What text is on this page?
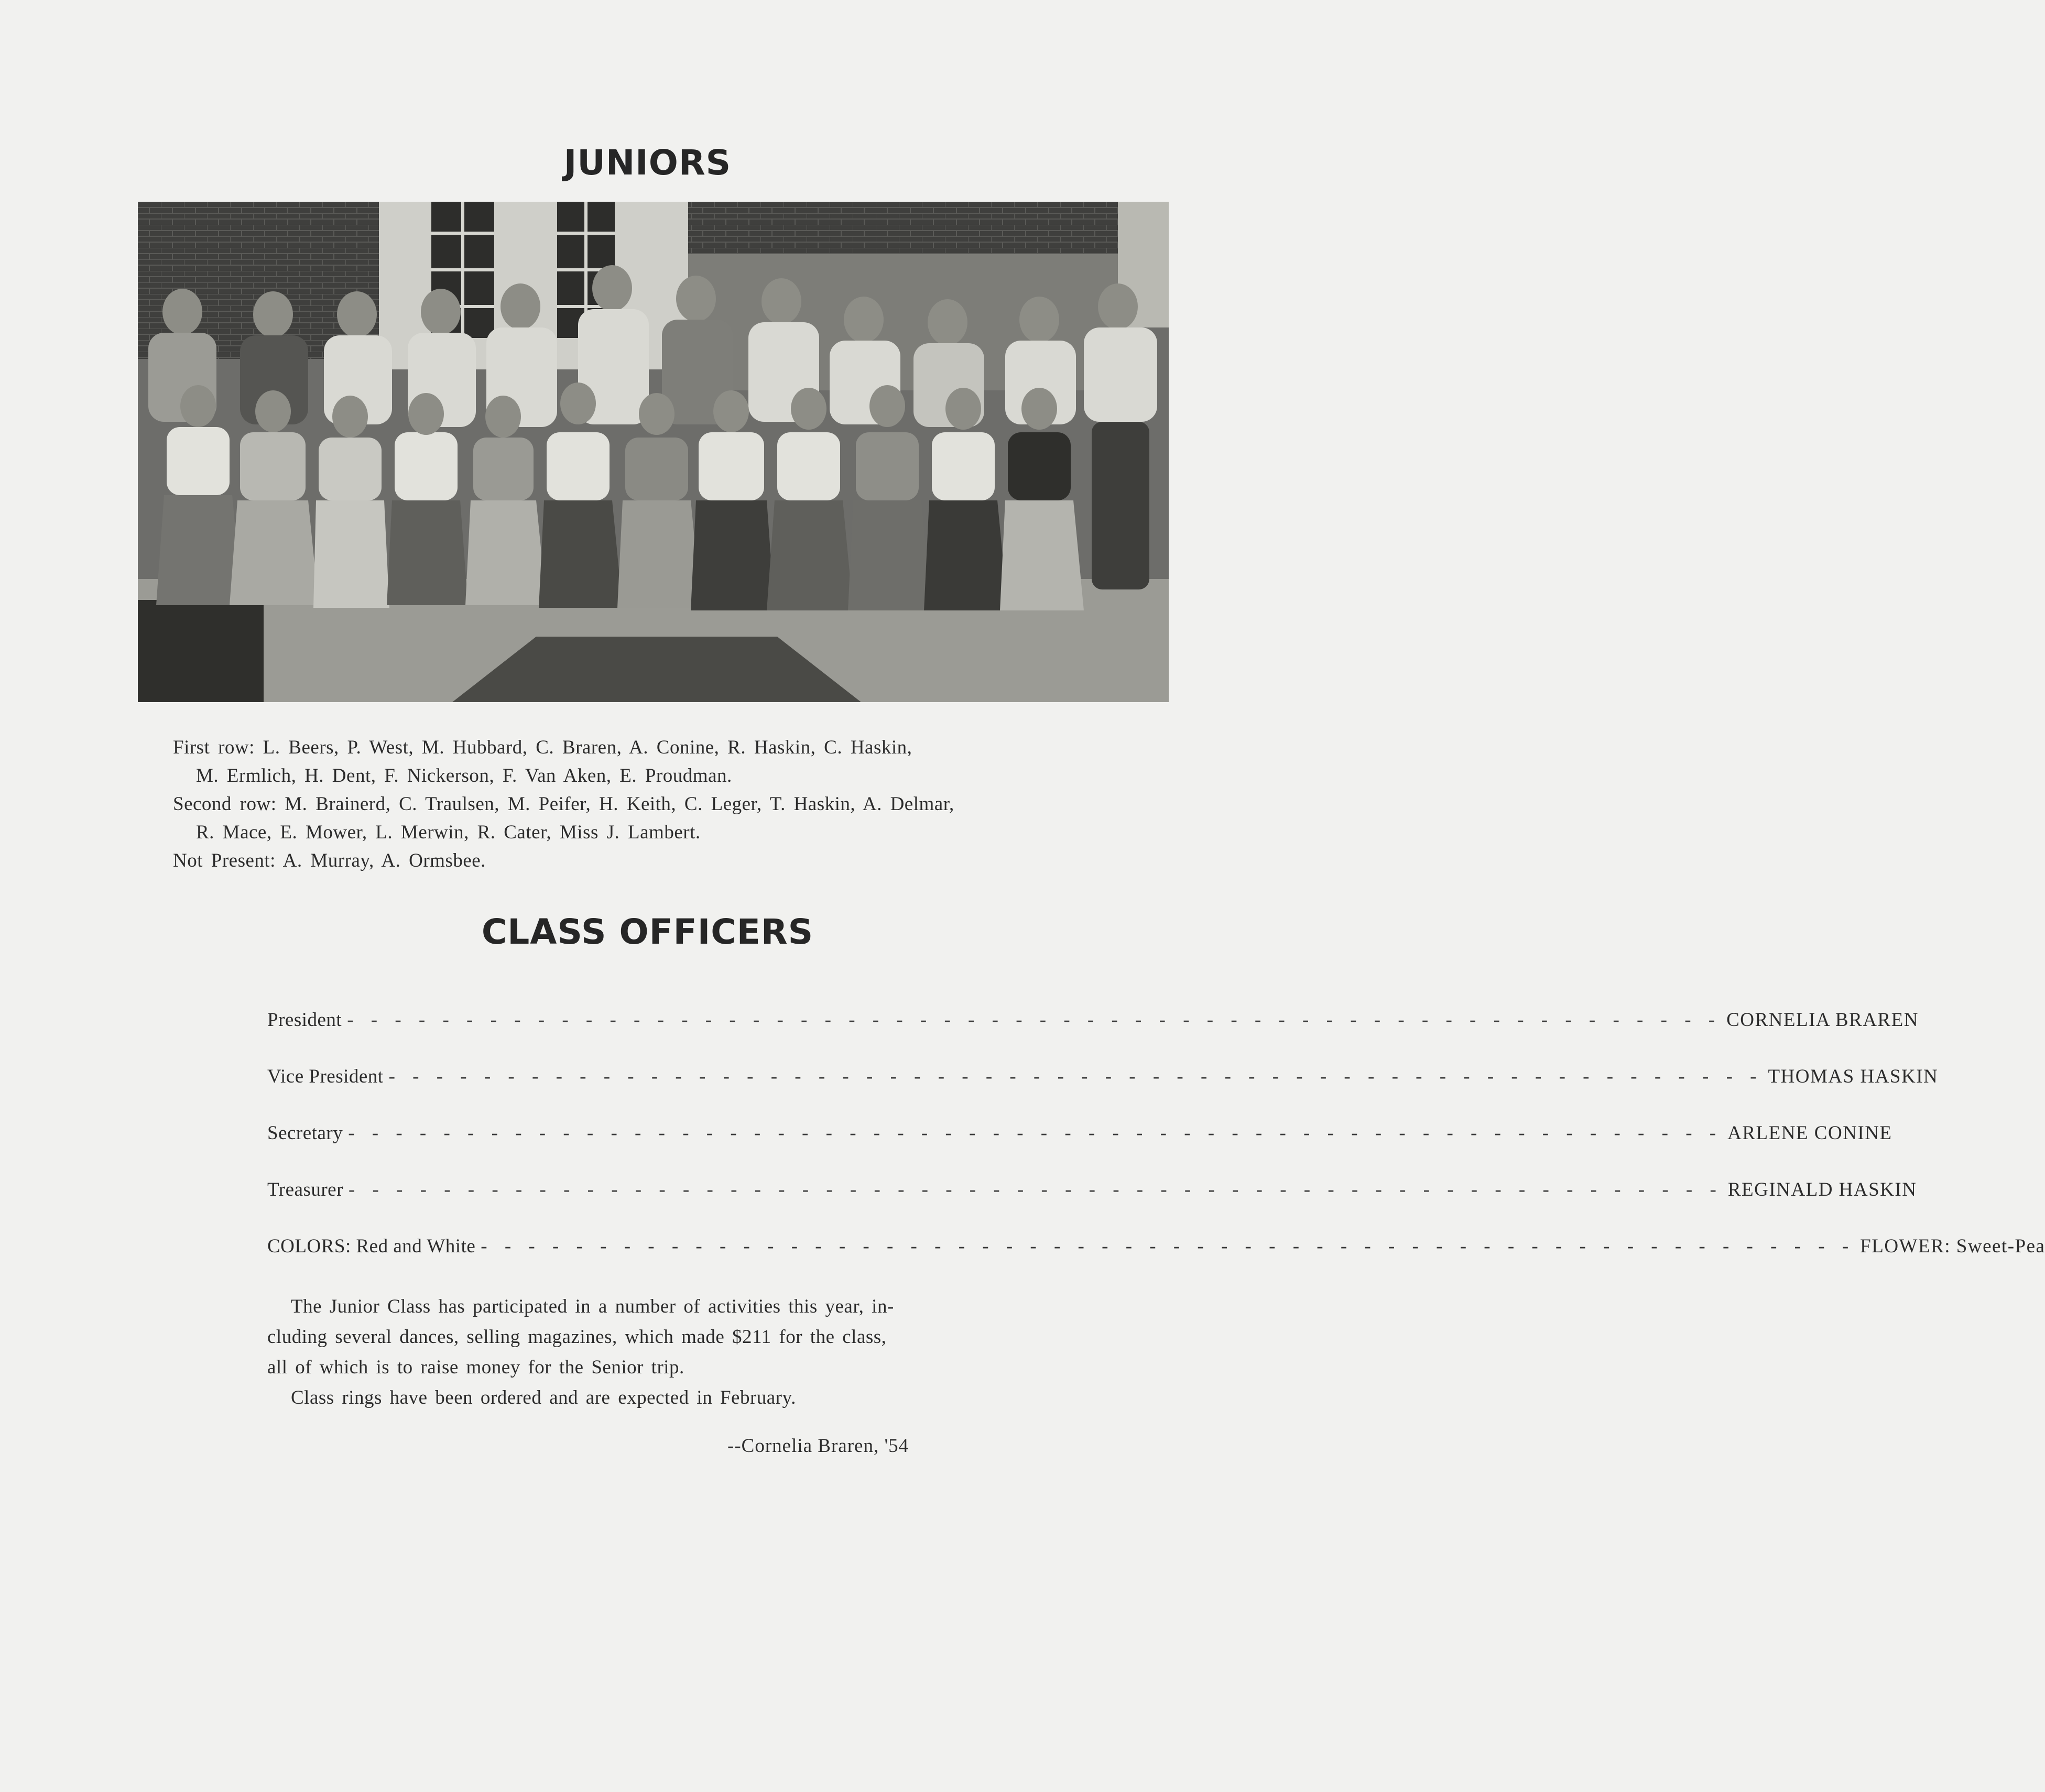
JUNIORS
First row: L. Beers, P. West, M. Hubbard, C. Braren, A. Conine, R. Haskin, C. Haskin,
M. Ermlich, H. Dent, F. Nickerson, F. Van Aken, E. Proudman.
Second row: M. Brainerd, C. Traulsen, M. Peifer, H. Keith, C. Leger, T. Haskin, A. Delmar,
R. Mace, E. Mower, L. Merwin, R. Cater, Miss J. Lambert.
Not Present: A. Murray, A. Ormsbee.
CLASS OFFICERS
President - - - - - - - - - - - - - - - - - - - - - - - - - - - - - - - - - - - - - - - - - - - - - - - - - - - - - - - - - - CORNELIA BRAREN
Vice President - - - - - - - - - - - - - - - - - - - - - - - - - - - - - - - - - - - - - - - - - - - - - - - - - - - - - - - - - - THOMAS HASKIN
Secretary - - - - - - - - - - - - - - - - - - - - - - - - - - - - - - - - - - - - - - - - - - - - - - - - - - - - - - - - - - ARLENE CONINE
Treasurer - - - - - - - - - - - - - - - - - - - - - - - - - - - - - - - - - - - - - - - - - - - - - - - - - - - - - - - - - - REGINALD HASKIN
COLORS: Red and White - - - - - - - - - - - - - - - - - - - - - - - - - - - - - - - - - - - - - - - - - - - - - - - - - - - - - - - - - - FLOWER: Sweet-Pea
The Junior Class has participated in a number of activities this year, in-
cluding several dances, selling magazines, which made $211 for the class,
all of which is to raise money for the Senior trip.
Class rings have been ordered and are expected in February.
--Cornelia Braren, '54
